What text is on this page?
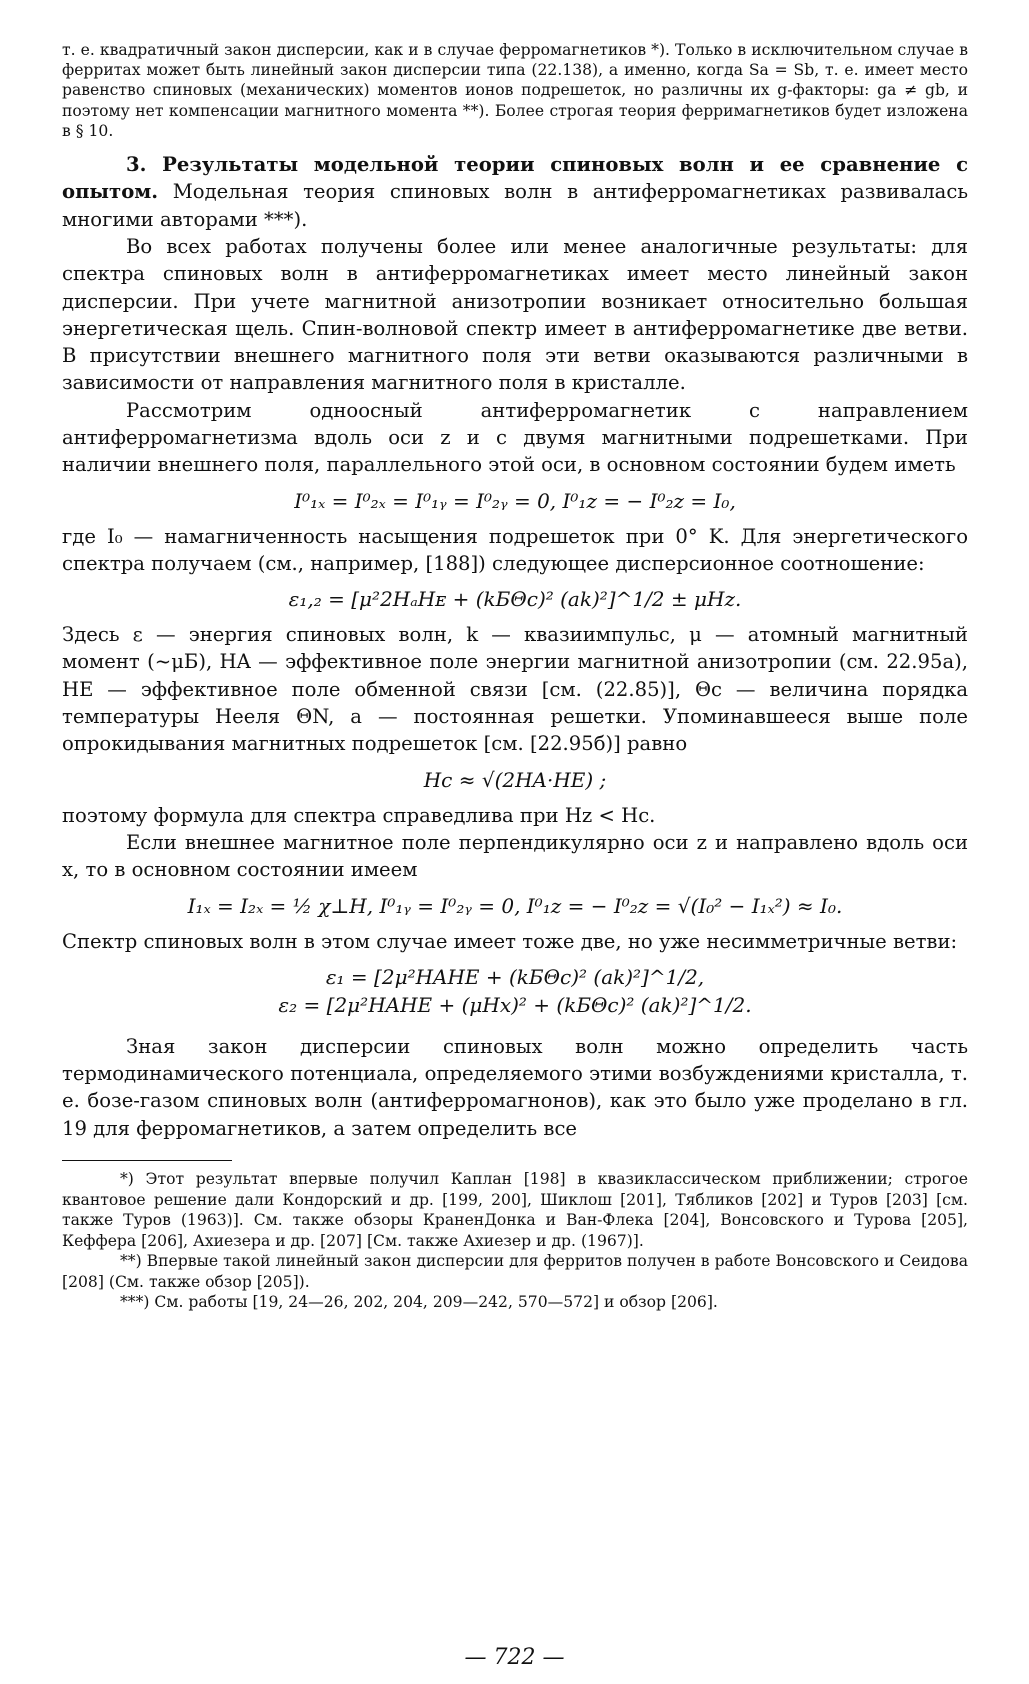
т. е. квадратичный закон дисперсии, как и в случае ферромагнетиков *). Только в исключительном случае в ферритах может быть линейный закон дисперсии типа (22.138), а именно, когда Sa = Sb, т. е. имеет место равенство спиновых (механических) моментов ионов подрешеток, но различны их g-факторы: ga ≠ gb, и поэтому нет компенсации магнитного момента **). Более строгая теория ферримагнетиков будет изложена в § 10.

3. Результаты модельной теории спиновых волн и ее сравнение с опытом. Модельная теория спиновых волн в антиферромагнетиках развивалась многими авторами ***).

Во всех работах получены более или менее аналогичные результаты: для спектра спиновых волн в антиферромагнетиках имеет место линейный закон дисперсии. При учете магнитной анизотропии возникает относительно большая энергетическая щель. Спин-волновой спектр имеет в антиферромагнетике две ветви. В присутствии внешнего магнитного поля эти ветви оказываются различными в зависимости от направления магнитного поля в кристалле.

Рассмотрим одноосный антиферромагнетик с направлением антиферромагнетизма вдоль оси z и с двумя магнитными подрешетками. При наличии внешнего поля, параллельного этой оси, в основном состоянии будем иметь

I⁰₁ₓ = I⁰₂ₓ = I⁰₁ᵧ = I⁰₂ᵧ = 0, I⁰₁z = − I⁰₂z = I₀,

где I₀ — намагниченность насыщения подрешеток при 0° K. Для энергетического спектра получаем (см., например, [188]) следующее дисперсионное соотношение:

ε₁,₂ = [μ²2HₐHᴇ + (kБΘс)² (ak)²]^1/2 ± μHz.

Здесь ε — энергия спиновых волн, k — квазиимпульс, μ — атомный магнитный момент (~μБ), HA — эффективное поле энергии магнитной анизотропии (см. 22.95а), HE — эффективное поле обменной связи [см. (22.85)], Θс — величина порядка температуры Нееля ΘN, a — постоянная решетки. Упоминавшееся выше поле опрокидывания магнитных подрешеток [см. [22.95б)] равно

Hс ≈ √(2HA·HE) ;

поэтому формула для спектра справедлива при Hz < Hс.

Если внешнее магнитное поле перпендикулярно оси z и направлено вдоль оси x, то в основном состоянии имеем

I₁ₓ = I₂ₓ = ½ χ⊥H, I⁰₁ᵧ = I⁰₂ᵧ = 0, I⁰₁z = − I⁰₂z = √(I₀² − I₁ₓ²) ≈ I₀.

Спектр спиновых волн в этом случае имеет тоже две, но уже несимметричные ветви:

ε₁ = [2μ²HAHE + (kБΘс)² (ak)²]^1/2,
ε₂ = [2μ²HAHE + (μHx)² + (kБΘс)² (ak)²]^1/2.

Зная закон дисперсии спиновых волн можно определить часть термодинамического потенциала, определяемого этими возбуждениями кристалла, т. е. бозе-газом спиновых волн (антиферромагнонов), как это было уже проделано в гл. 19 для ферромагнетиков, а затем определить все

*) Этот результат впервые получил Каплан [198] в квазиклассическом приближении; строгое квантовое решение дали Кондорский и др. [199, 200], Шиклош [201], Тябликов [202] и Туров [203] [см. также Туров (1963)]. См. также обзоры КраненДонка и Ван-Флека [204], Вонсовского и Турова [205], Кеффера [206], Ахиезера и др. [207] [См. также Ахиезер и др. (1967)].

**) Впервые такой линейный закон дисперсии для ферритов получен в работе Вонсовского и Сеидова [208] (См. также обзор [205]).

***) См. работы [19, 24—26, 202, 204, 209—242, 570—572] и обзор [206].

— 722 —
